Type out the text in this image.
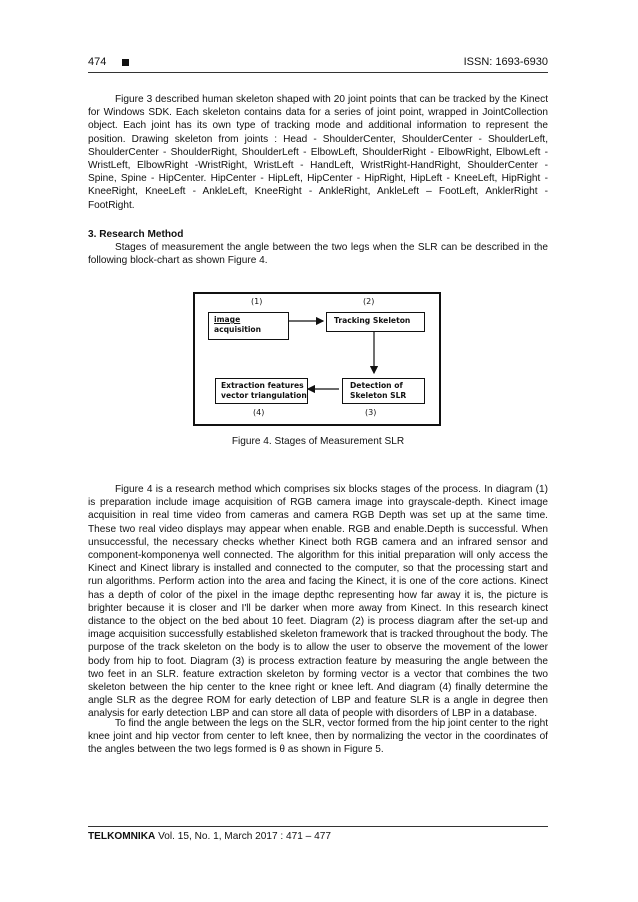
474	ISSN: 1693-6930

Figure 3 described human skeleton shaped with 20 joint points that can be tracked by the Kinect for Windows SDK. Each skeleton contains data for a series of joint point, wrapped in JointCollection object. Each joint has its own type of tracking mode and additional information to represent the position. Drawing skeleton from joints : Head - ShoulderCenter, ShoulderCenter - ShoulderLeft, ShoulderCenter - ShoulderRight, ShoulderLeft - ElbowLeft, ShoulderRight - ElbowRight, ElbowLeft - WristLeft, ElbowRight -WristRight, WristLeft - HandLeft, WristRight-HandRight, ShoulderCenter - Spine, Spine - HipCenter. HipCenter - HipLeft, HipCenter - HipRight, HipLeft - KneeLeft, HipRight - KneeRight, KneeLeft - AnkleLeft, KneeRight - AnkleRight, AnkleLeft – FootLeft, AnklerRight - FootRight.

3. Research Method

Stages of measurement the angle between the two legs when the SLR can be described in the following block-chart as shown Figure 4.

(1)	(2)
image
acquisition
Tracking Skeleton
Extraction features
vector triangulation
Detection of
Skeleton SLR
(4)	(3)
Figure 4. Stages of Measurement SLR

Figure 4 is a research method which comprises six blocks stages of the process. In diagram (1) is preparation include image acquisition of RGB camera image into grayscale-depth. Kinect image acquisition in real time video from cameras and camera RGB Depth was set up at the same time. These two real video displays may appear when enable. RGB and enable.Depth is successful. When unsuccessful, the necessary checks whether Kinect both RGB camera and an infrared sensor and component-komponenya well connected. The algorithm for this initial preparation will only access the Kinect and Kinect library is installed and connected to the computer, so that the processing start and run algorithms. Perform action into the area and facing the Kinect, it is one of the core actions. Kinect has a depth of color of the pixel in the image depthc representing how far away it is, the picture is brighter because it is closer and I'll be darker when more away from Kinect. In this research kinect distance to the object on the bed about 10 feet. Diagram (2) is process diagram after the set-up and image acquisition successfully established skeleton framework that is tracked throughout the body. The purpose of the track skeleton on the body is to allow the user to observe the movement of the lower body from hip to foot. Diagram (3) is process extraction feature by measuring the angle between the two feet in an SLR. feature extraction skeleton by forming vector is a vector that combines the two skeleton between the hip center to the knee right or knee left. And diagram (4) finally determine the angle SLR as the degree ROM for early detection of LBP and feature SLR is a angle in degree then analysis for early detection LBP and can store all data of people with disorders of LBP in a database.

To find the angle between the legs on the SLR, vector formed from the hip joint center to the right knee joint and hip vector from center to left knee, then by normalizing the vector in the coordinates of the angles between the two legs formed is θ as shown in Figure 5.

TELKOMNIKA Vol. 15, No. 1, March 2017 : 471 – 477
